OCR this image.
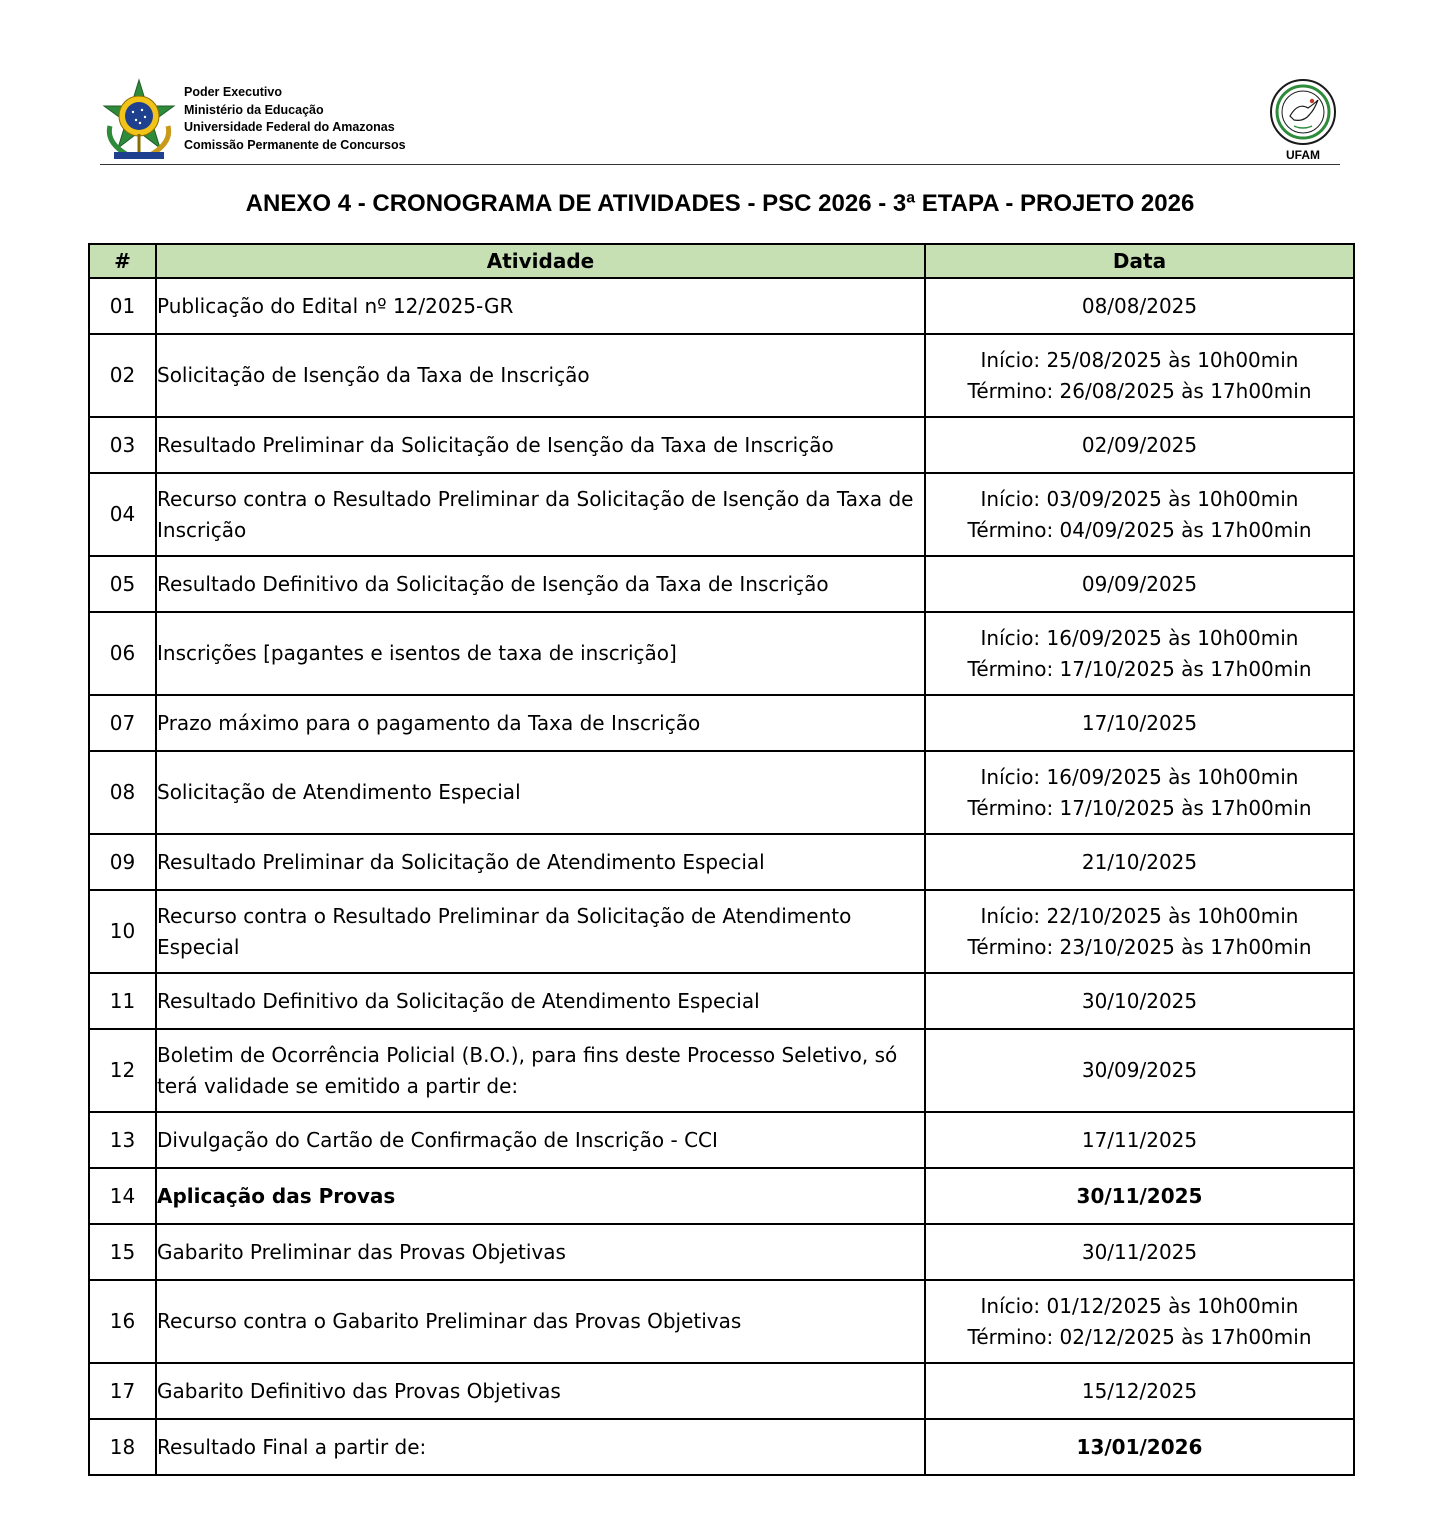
Poder Executivo
Ministério da Educação
Universidade Federal do Amazonas
Comissão Permanente de Concursos
UFAM
ANEXO 4 - CRONOGRAMA DE ATIVIDADES - PSC 2026 - 3ª ETAPA - PROJETO 2026
#	Atividade	Data
01	Publicação do Edital nº 12/2025-GR	08/08/2025

02	Solicitação de Isenção da Taxa de Inscrição	Início: 25/08/2025 às 10h00min
Término: 26/08/2025 às 17h00min

03	Resultado Preliminar da Solicitação de Isenção da Taxa de Inscrição	02/09/2025

04	Recurso contra o Resultado Preliminar da Solicitação de Isenção da Taxa de Inscrição	Início: 03/09/2025 às 10h00min
Término: 04/09/2025 às 17h00min

05	Resultado Definitivo da Solicitação de Isenção da Taxa de Inscrição	09/09/2025

06	Inscrições [pagantes e isentos de taxa de inscrição]	Início: 16/09/2025 às 10h00min
Término: 17/10/2025 às 17h00min

07	Prazo máximo para o pagamento da Taxa de Inscrição	17/10/2025

08	Solicitação de Atendimento Especial	Início: 16/09/2025 às 10h00min
Término: 17/10/2025 às 17h00min

09	Resultado Preliminar da Solicitação de Atendimento Especial	21/10/2025

10	Recurso contra o Resultado Preliminar da Solicitação de Atendimento Especial	Início: 22/10/2025 às 10h00min
Término: 23/10/2025 às 17h00min

11	Resultado Definitivo da Solicitação de Atendimento Especial	30/10/2025

12	Boletim de Ocorrência Policial (B.O.), para fins deste Processo Seletivo, só terá validade se emitido a partir de:	30/09/2025

13	Divulgação do Cartão de Confirmação de Inscrição - CCI	17/11/2025

14	Aplicação das Provas	30/11/2025

15	Gabarito Preliminar das Provas Objetivas	30/11/2025

16	Recurso contra o Gabarito Preliminar das Provas Objetivas	Início: 01/12/2025 às 10h00min
Término: 02/12/2025 às 17h00min

17	Gabarito Definitivo das Provas Objetivas	15/12/2025

18	Resultado Final a partir de:	13/01/2026
